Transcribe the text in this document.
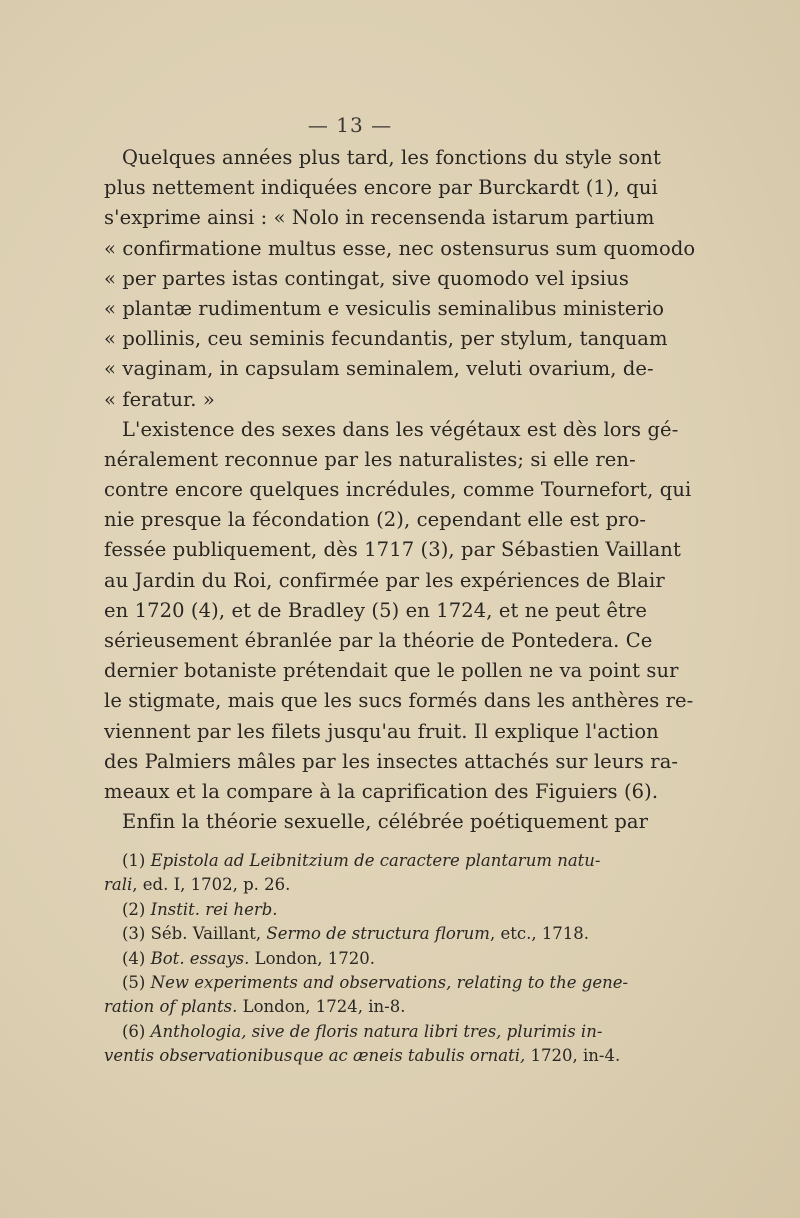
— 13 —
Quelques années plus tard, les fonctions du style sont
plus nettement indiquées encore par Burckardt (1), qui
s'exprime ainsi : « Nolo in recensenda istarum partium
« confirmatione multus esse, nec ostensurus sum quomodo
« per partes istas contingat, sive quomodo vel ipsius
« plantæ rudimentum e vesiculis seminalibus ministerio
« pollinis, ceu seminis fecundantis, per stylum, tanquam
« vaginam, in capsulam seminalem, veluti ovarium, de-
« feratur. »
L'existence des sexes dans les végétaux est dès lors gé-
néralement reconnue par les naturalistes; si elle ren-
contre encore quelques incrédules, comme Tournefort, qui
nie presque la fécondation (2), cependant elle est pro-
fessée publiquement, dès 1717 (3), par Sébastien Vaillant
au Jardin du Roi, confirmée par les expériences de Blair
en 1720 (4), et de Bradley (5) en 1724, et ne peut être
sérieusement ébranlée par la théorie de Pontedera. Ce
dernier botaniste prétendait que le pollen ne va point sur
le stigmate, mais que les sucs formés dans les anthères re-
viennent par les filets jusqu'au fruit. Il explique l'action
des Palmiers mâles par les insectes attachés sur leurs ra-
meaux et la compare à la caprification des Figuiers (6).
Enfin la théorie sexuelle, célébrée poétiquement par
(1) Epistola ad Leibnitzium de caractere plantarum natu-
rali, ed. I, 1702, p. 26.
(2) Instit. rei herb.
(3) Séb. Vaillant, Sermo de structura florum, etc., 1718.
(4) Bot. essays. London, 1720.
(5) New experiments and observations, relating to the gene-
ration of plants. London, 1724, in-8.
(6) Anthologia, sive de floris natura libri tres, plurimis in-
ventis observationibusque ac æneis tabulis ornati, 1720, in-4.
